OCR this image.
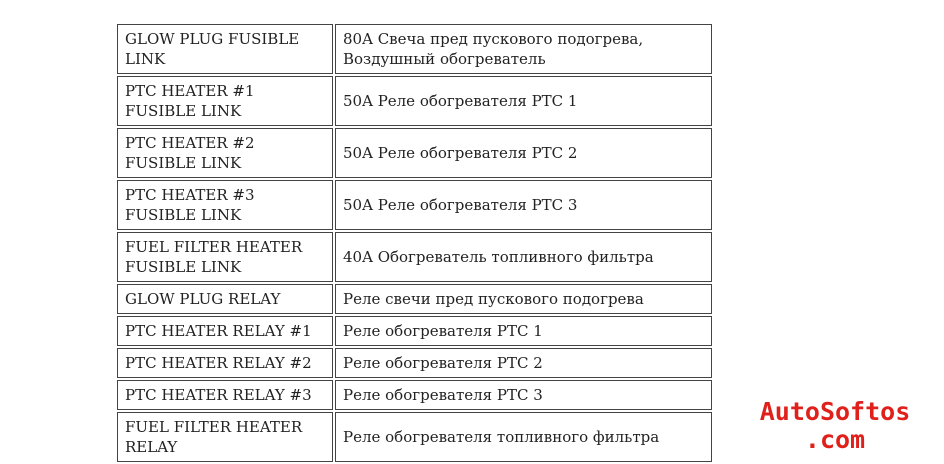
GLOW PLUG FUSIBLE LINK	80A Свеча пред пускового подогрева, Воздушный обогреватель
PTC HEATER #1 FUSIBLE LINK	50A Реле обогревателя PTC 1
PTC HEATER #2 FUSIBLE LINK	50A Реле обогревателя PTC 2
PTC HEATER #3 FUSIBLE LINK	50A Реле обогревателя PTC 3
FUEL FILTER HEATER FUSIBLE LINK	40A Обогреватель топливного фильтра
GLOW PLUG RELAY	Реле свечи пред пускового подогрева
PTC HEATER RELAY #1	Реле обогревателя PTC 1
PTC HEATER RELAY #2	Реле обогревателя PTC 2
PTC HEATER RELAY #3	Реле обогревателя PTC 3
FUEL FILTER HEATER RELAY	Реле обогревателя топливного фильтра
AutoSoftos
.com
